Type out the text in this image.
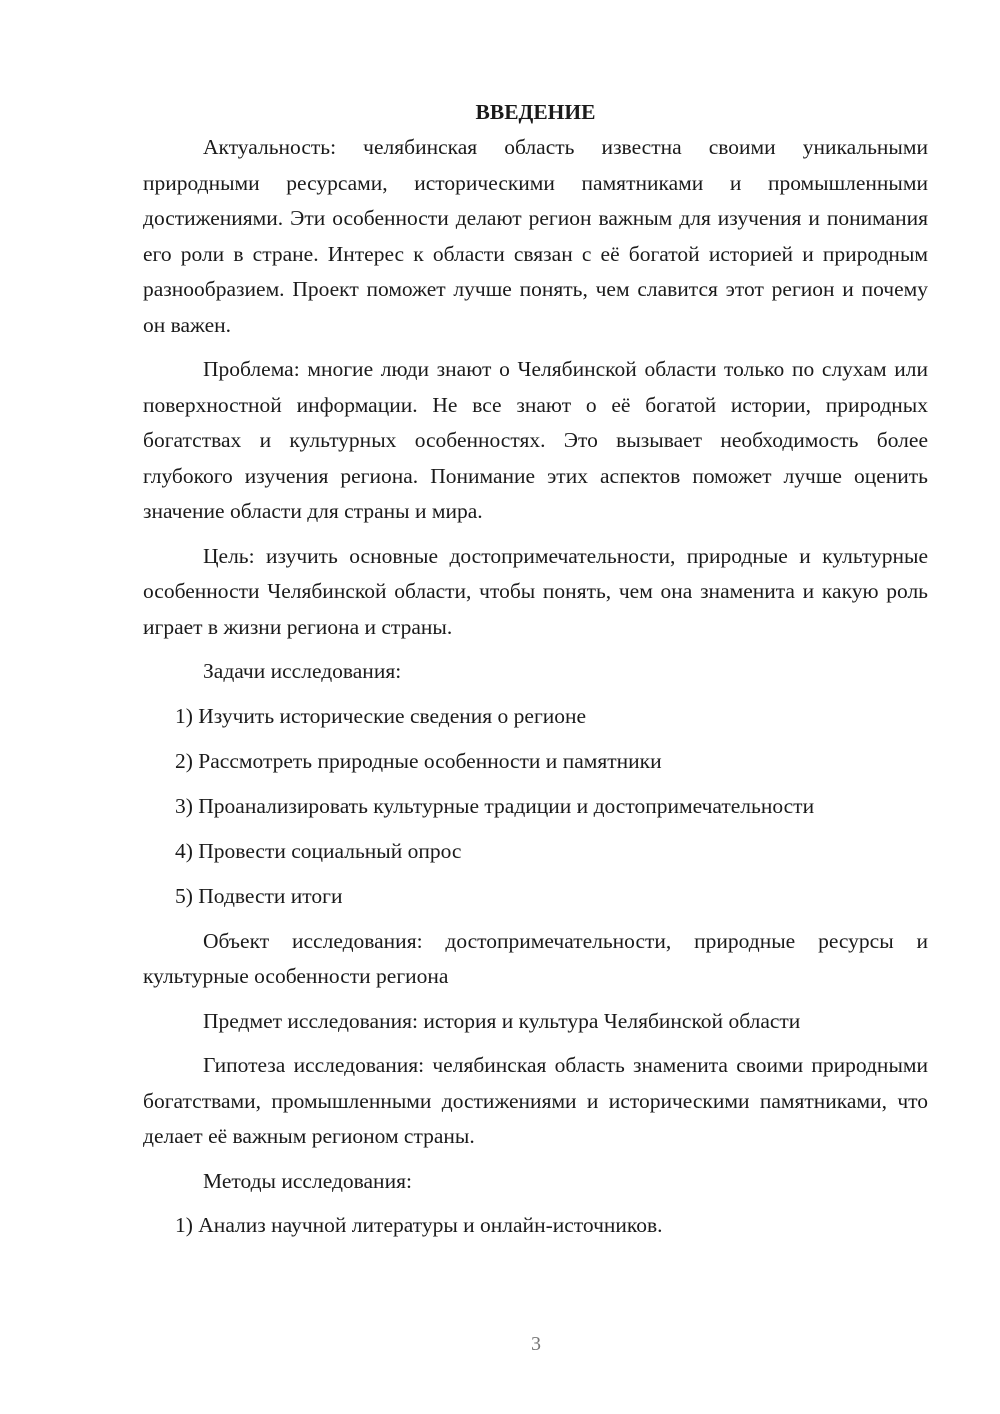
ВВЕДЕНИЕ

Актуальность: челябинская область известна своими уникальными природными ресурсами, историческими памятниками и промышленными достижениями. Эти особенности делают регион важным для изучения и понимания его роли в стране. Интерес к области связан с её богатой историей и природным разнообразием. Проект поможет лучше понять, чем славится этот регион и почему он важен.

Проблема: многие люди знают о Челябинской области только по слухам или поверхностной информации. Не все знают о её богатой истории, природных богатствах и культурных особенностях. Это вызывает необходимость более глубокого изучения региона. Понимание этих аспектов поможет лучше оценить значение области для страны и мира.

Цель: изучить основные достопримечательности, природные и культурные особенности Челябинской области, чтобы понять, чем она знаменита и какую роль играет в жизни региона и страны.

Задачи исследования:

1) Изучить исторические сведения о регионе
2) Рассмотреть природные особенности и памятники
3) Проанализировать культурные традиции и достопримечательности
4) Провести социальный опрос
5) Подвести итоги

Объект исследования: достопримечательности, природные ресурсы и культурные особенности региона

Предмет исследования: история и культура Челябинской области

Гипотеза исследования: челябинская область знаменита своими природными богатствами, промышленными достижениями и историческими памятниками, что делает её важным регионом страны.

Методы исследования:

1) Анализ научной литературы и онлайн-источников.
3
